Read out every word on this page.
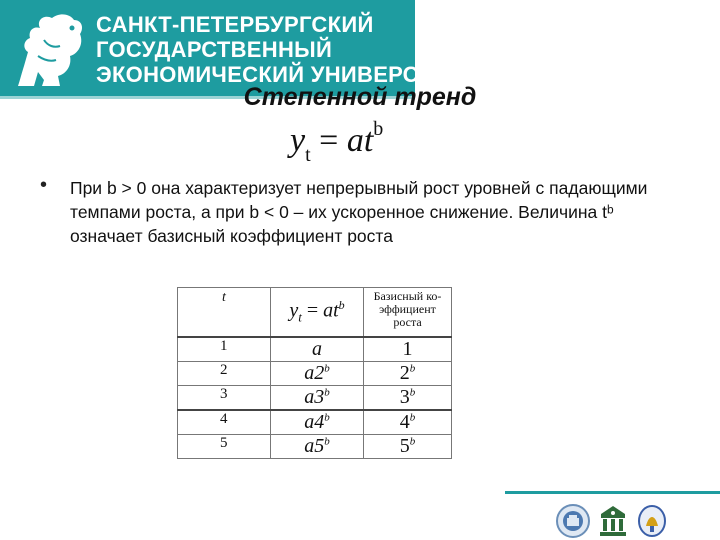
САНКТ-ПЕТЕРБУРГСКИЙ
ГОСУДАРСТВЕННЫЙ
ЭКОНОМИЧЕСКИЙ УНИВЕРСИТЕТ
Степенной тренд
$y_t = at^b$
• При b > 0 она характеризует непрерывный рост уровней с падающими темпами роста, а при b < 0 – их ускоренное снижение. Величина tᵇ означает базисный коэффициент роста
t	$y_t = at^b$	Базисный ко-
эффициент
роста

1	a	1
2	a2$^b$	2$^b$
3	a3$^b$	3$^b$
4	a4$^b$	4$^b$
5	a5$^b$	5$^b$
